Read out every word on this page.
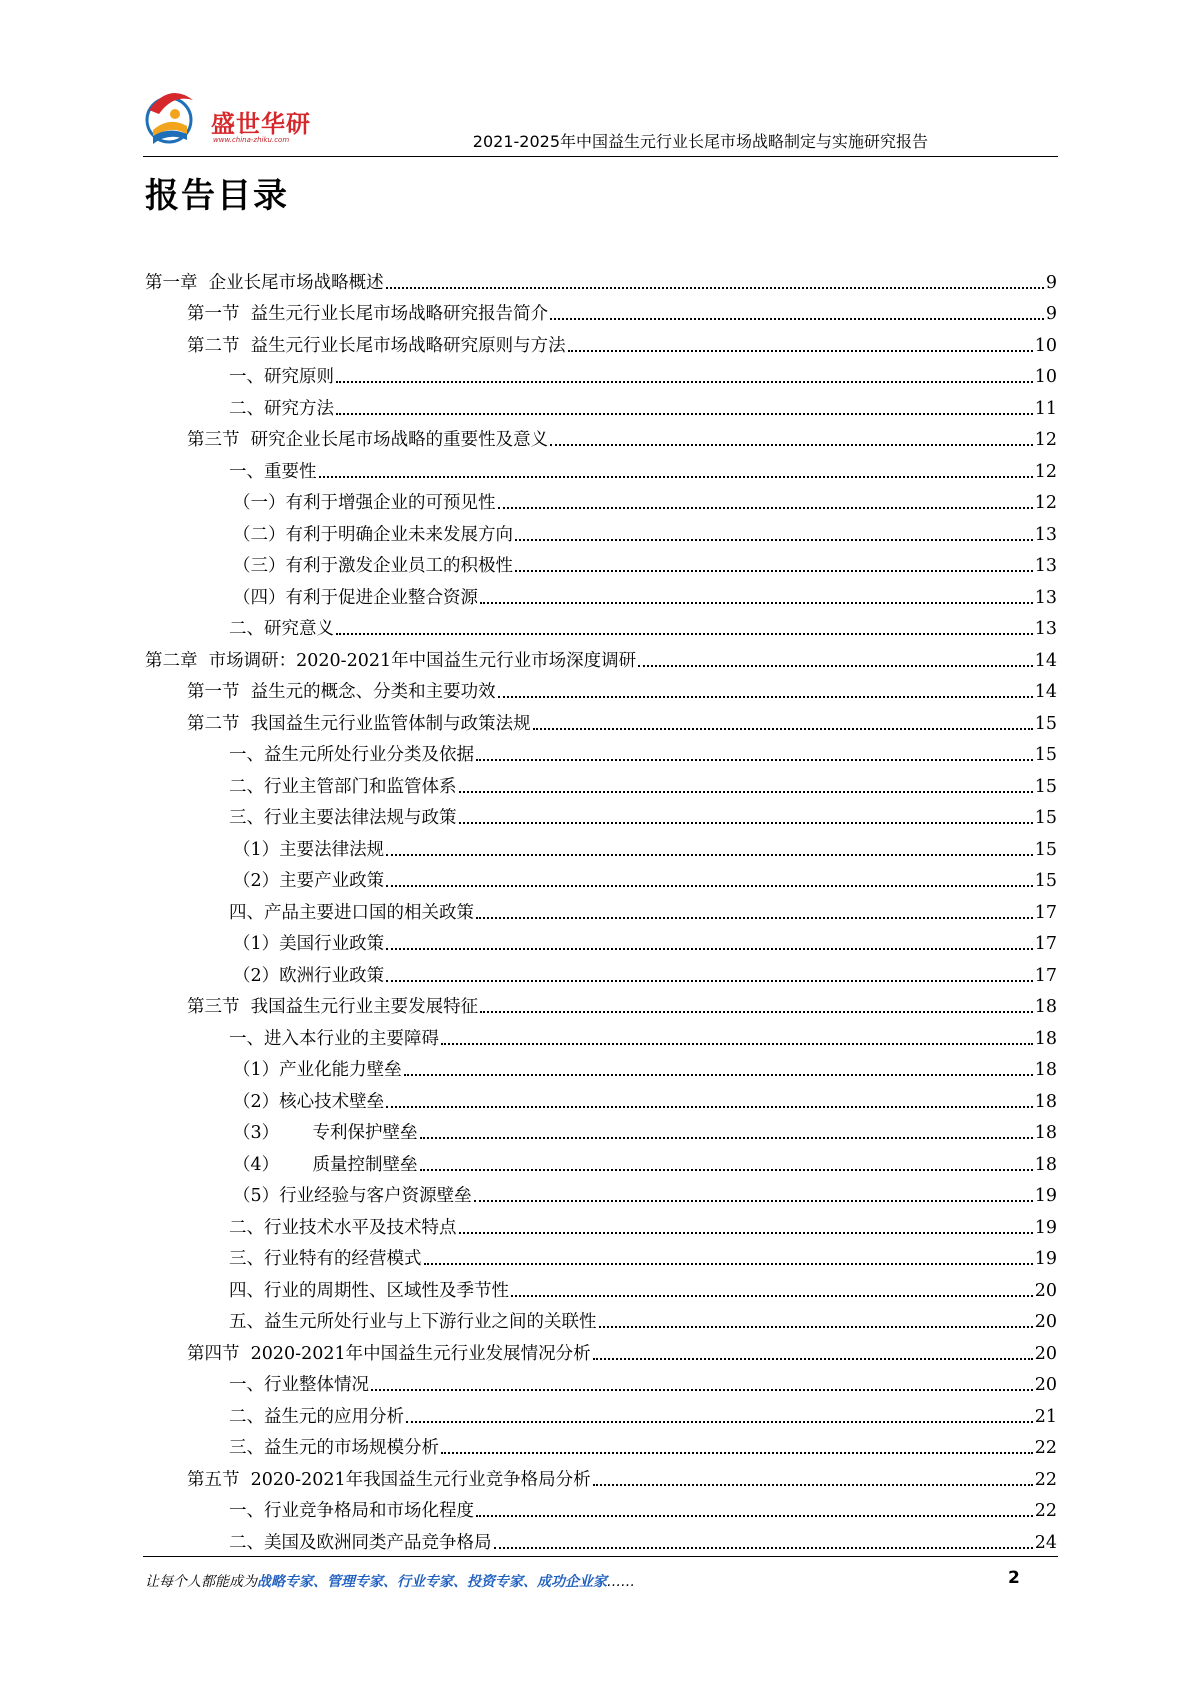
盛世华研
www.china-zhiku.com	2021-2025年中国益生元行业长尾市场战略制定与实施研究报告
报告目录
第一章  企业长尾市场战略概述	9
第一节  益生元行业长尾市场战略研究报告简介	9
第二节  益生元行业长尾市场战略研究原则与方法	10
一、研究原则	10
二、研究方法	11
第三节  研究企业长尾市场战略的重要性及意义	12
一、重要性	12
（一）有利于增强企业的可预见性	12
（二）有利于明确企业未来发展方向	13
（三）有利于激发企业员工的积极性	13
（四）有利于促进企业整合资源	13
二、研究意义	13
第二章  市场调研：2020-2021年中国益生元行业市场深度调研	14
第一节  益生元的概念、分类和主要功效	14
第二节  我国益生元行业监管体制与政策法规	15
一、益生元所处行业分类及依据	15
二、行业主管部门和监管体系	15
三、行业主要法律法规与政策	15
（1）主要法律法规	15
（2）主要产业政策	15
四、产品主要进口国的相关政策	17
（1）美国行业政策	17
（2）欧洲行业政策	17
第三节  我国益生元行业主要发展特征	18
一、进入本行业的主要障碍	18
（1）产业化能力壁垒	18
（2）核心技术壁垒	18
（3）      专利保护壁垒	18
（4）      质量控制壁垒	18
（5）行业经验与客户资源壁垒	19
二、行业技术水平及技术特点	19
三、行业特有的经营模式	19
四、行业的周期性、区域性及季节性	20
五、益生元所处行业与上下游行业之间的关联性	20
第四节  2020-2021年中国益生元行业发展情况分析	20
一、行业整体情况	20
二、益生元的应用分析	21
三、益生元的市场规模分析	22
第五节  2020-2021年我国益生元行业竞争格局分析	22
一、行业竞争格局和市场化程度	22
二、美国及欧洲同类产品竞争格局	24
让每个人都能成为战略专家、管理专家、行业专家、投资专家、成功企业家……	2
